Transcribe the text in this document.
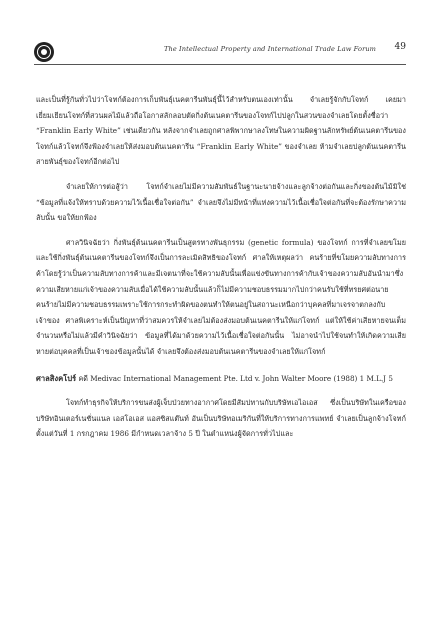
The Intellectual Property and International Trade Law Forum 49

และเป็นที่รู้กันทั่วไปว่าโจทก์ต้องการเก็บพันธุ์เนคตารีนพันธุ์นี้ไว้สำหรับตนเองเท่านั้น จำเลยรู้จักกับโจทก์ เคยมาเยี่ยมเยียนโจทก์ที่สวนผลไม้แล้วถือโอกาสลักลอบตัดกิ่งต้นเนคตารีนของโจทก์ไปปลูกในสวนของจำเลยโดยตั้งชื่อว่า “Franklin Early White” เช่นเดียวกัน หลังจากจำเลยถูกศาลพิพากษาลงโทษในความผิดฐานลักทรัพย์ต้นเนคตารีนของโจทก์แล้วโจทก์จึงฟ้องจำเลยให้ส่งมอบต้นเนคตารีน “Franklin Early White” ของจำเลย ห้ามจำเลยปลูกต้นเนคตารีนสายพันธุ์ของโจทก์อีกต่อไป

จำเลยให้การต่อสู้ว่า โจทก์จำเลยไม่มีความสัมพันธ์ในฐานะนายจ้างและลูกจ้างต่อกันและกิ่งของต้นไม้มิใช่ “ข้อมูลที่แจ้งให้ทราบด้วยความไว้เนื้อเชื่อใจต่อกัน” จำเลยจึงไม่มีหน้าที่แห่งความไว้เนื้อเชื่อใจต่อกันที่จะต้องรักษาความลับนั้น ขอให้ยกฟ้อง

ศาลวินิจฉัยว่า กิ่งพันธุ์ต้นเนคตารีนเป็นสูตรทางพันธุกรรม (genetic formula) ของโจทก์ การที่จำเลยขโมยและใช้กิ่งพันธุ์ต้นเนคตารีนของโจทก์จึงเป็นการละเมิดสิทธิของโจทก์ ศาลให้เหตุผลว่า คนร้ายที่ขโมยความลับทางการค้าโดยรู้ว่าเป็นความลับทางการค้าและมีเจตนาที่จะใช้ความลับนั้นเพื่อแข่งขันทางการค้ากับเจ้าของความลับอันนำมาซึ่งความเสียหายแก่เจ้าของความลับเมื่อได้ใช้ความลับนั้นแล้วก็ไม่มีความชอบธรรมมากไปกว่าคนรับใช้ที่ทรยศต่อนาย คนร้ายไม่มีความชอบธรรมเพราะใช้การกระทำผิดของตนทำให้ตนอยู่ในสถานะเหนือกว่าบุคคลที่มาเจรจาตกลงกับเจ้าของ ศาลพิเคราะห์เป็นปัญหาที่ว่าสมควรให้จำเลยไม่ต้องส่งมอบต้นเนคตารีนให้แก่โจทก์ แต่ให้ใช้ค่าเสียหายจนเต็มจำนวนหรือไม่แล้วมีคำวินิจฉัยว่า ข้อมูลที่ได้มาด้วยความไว้เนื้อเชื่อใจต่อกันนั้น ไม่อาจนำไปใช้จนทำให้เกิดความเสียหายต่อบุคคลที่เป็นเจ้าของข้อมูลนั้นได้ จำเลยจึงต้องส่งมอบต้นเนคตารีนของจำเลยให้แก่โจทก์

ศาลสิงคโปร์ คดี Medivac International Management Pte. Ltd v. John Walter Moore (1988) 1 M.L.J 5

โจทก์ทำธุรกิจให้บริการขนส่งผู้เจ็บป่วยทางอากาศโดยมีสัมปทานกับบริษัทเอไอเอส ซึ่งเป็นบริษัทในเครือของบริษัทอินเตอร์เนชั่นแนล เอสโอเอส แอสซิสแต๊นท์ อันเป็นบริษัทอเมริกันที่ให้บริการทางการแพทย์ จำเลยเป็นลูกจ้างโจทก์ตั้งแต่วันที่ 1 กรกฎาคม 1986 มีกำหนดเวลาจ้าง 5 ปี ในตำแหน่งผู้จัดการทั่วไปและ
